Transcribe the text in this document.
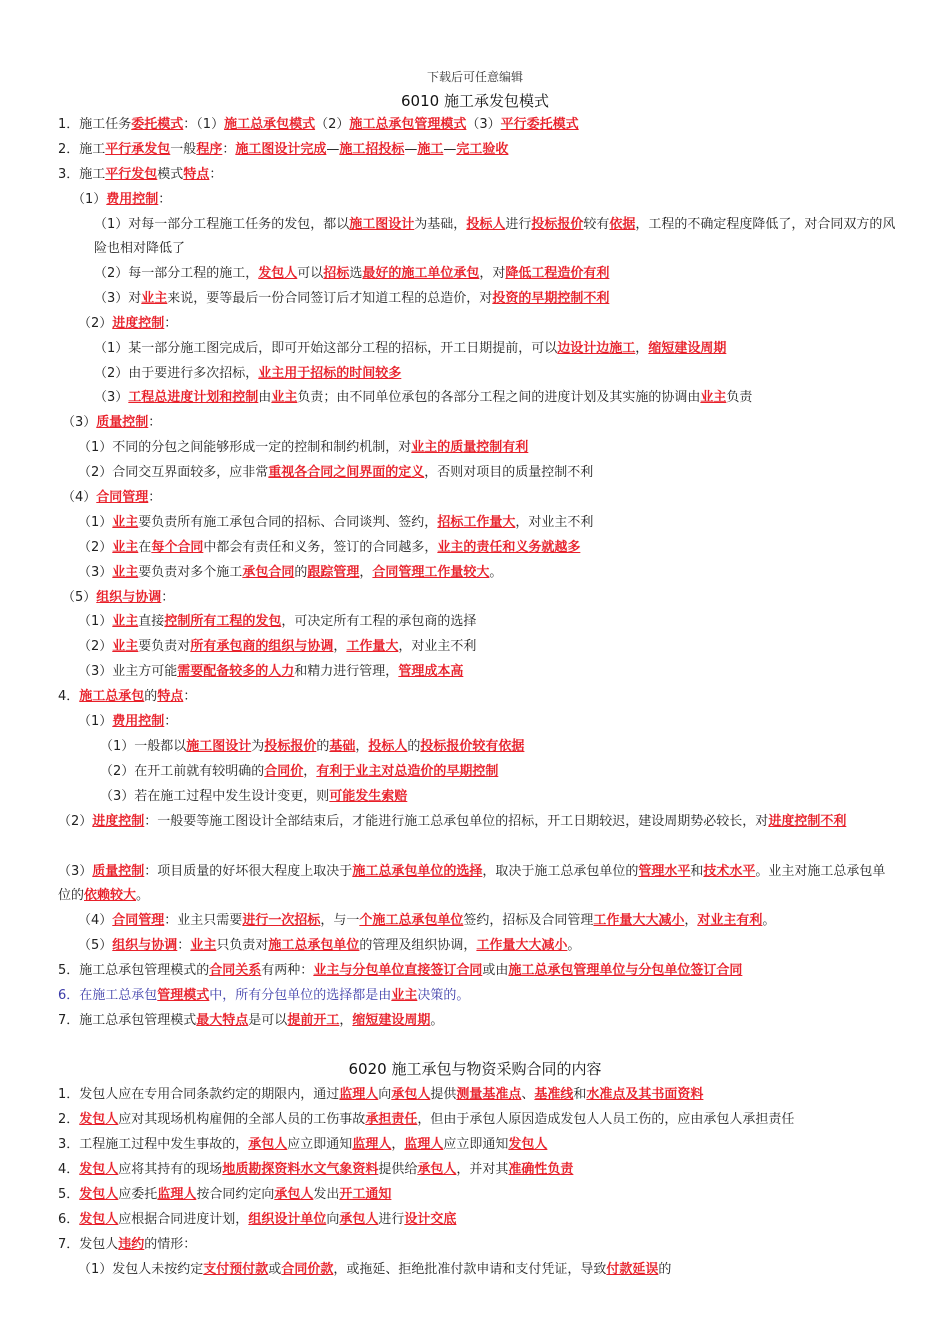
下载后可任意编辑
6010 施工承发包模式
1．施工任务委托模式：（1）施工总承包模式（2）施工总承包管理模式（3）平行委托模式
2．施工平行承发包一般程序：施工图设计完成—施工招投标—施工—完工验收
3．施工平行发包模式特点：
（1）费用控制：
（1）对每一部分工程施工任务的发包，都以施工图设计为基础，投标人进行投标报价较有依据，工程的不确定程度降低了，对合同双方的风险也相对降低了
（2）每一部分工程的施工，发包人可以招标选最好的施工单位承包，对降低工程造价有利
（3）对业主来说，要等最后一份合同签订后才知道工程的总造价，对投资的早期控制不利
（2）进度控制：
（1）某一部分施工图完成后，即可开始这部分工程的招标，开工日期提前，可以边设计边施工，缩短建设周期
（2）由于要进行多次招标，业主用于招标的时间较多
（3）工程总进度计划和控制由业主负责；由不同单位承包的各部分工程之间的进度计划及其实施的协调由业主负责
（3）质量控制：
（1）不同的分包之间能够形成一定的控制和制约机制，对业主的质量控制有利
（2）合同交互界面较多，应非常重视各合同之间界面的定义，否则对项目的质量控制不利
（4）合同管理：
（1）业主要负责所有施工承包合同的招标、合同谈判、签约，招标工作量大，对业主不利
（2）业主在每个合同中都会有责任和义务，签订的合同越多，业主的责任和义务就越多
（3）业主要负责对多个施工承包合同的跟踪管理，合同管理工作量较大。
（5）组织与协调：
（1）业主直接控制所有工程的发包，可决定所有工程的承包商的选择
（2）业主要负责对所有承包商的组织与协调，工作量大，对业主不利
（3）业主方可能需要配备较多的人力和精力进行管理，管理成本高
4．施工总承包的特点：
（1）费用控制：
（1）一般都以施工图设计为投标报价的基础，投标人的投标报价较有依据
（2）在开工前就有较明确的合同价，有利于业主对总造价的早期控制
（3）若在施工过程中发生设计变更，则可能发生索赔
（2）进度控制：一般要等施工图设计全部结束后，才能进行施工总承包单位的招标，开工日期较迟，建设周期势必较长，对进度控制不利
（3）质量控制：项目质量的好坏很大程度上取决于施工总承包单位的选择，取决于施工总承包单位的管理水平和技术水平。业主对施工总承包单位的依赖较大。
（4）合同管理：业主只需要进行一次招标，与一个施工总承包单位签约，招标及合同管理工作量大大减小，对业主有利。
（5）组织与协调：业主只负责对施工总承包单位的管理及组织协调，工作量大大减小。
5．施工总承包管理模式的合同关系有两种：业主与分包单位直接签订合同或由施工总承包管理单位与分包单位签订合同
6．在施工总承包管理模式中，所有分包单位的选择都是由业主决策的。
7．施工总承包管理模式最大特点是可以提前开工，缩短建设周期。
6020 施工承包与物资采购合同的内容
1．发包人应在专用合同条款约定的期限内，通过监理人向承包人提供测量基准点、基准线和水准点及其书面资料
2．发包人应对其现场机构雇佣的全部人员的工伤事故承担责任，但由于承包人原因造成发包人人员工伤的，应由承包人承担责任
3．工程施工过程中发生事故的，承包人应立即通知监理人，监理人应立即通知发包人
4．发包人应将其持有的现场地质勘探资料水文气象资料提供给承包人，并对其准确性负责
5．发包人应委托监理人按合同约定向承包人发出开工通知
6．发包人应根据合同进度计划，组织设计单位向承包人进行设计交底
7．发包人违约的情形：
（1）发包人未按约定支付预付款或合同价款，或拖延、拒绝批准付款申请和支付凭证，导致付款延误的
